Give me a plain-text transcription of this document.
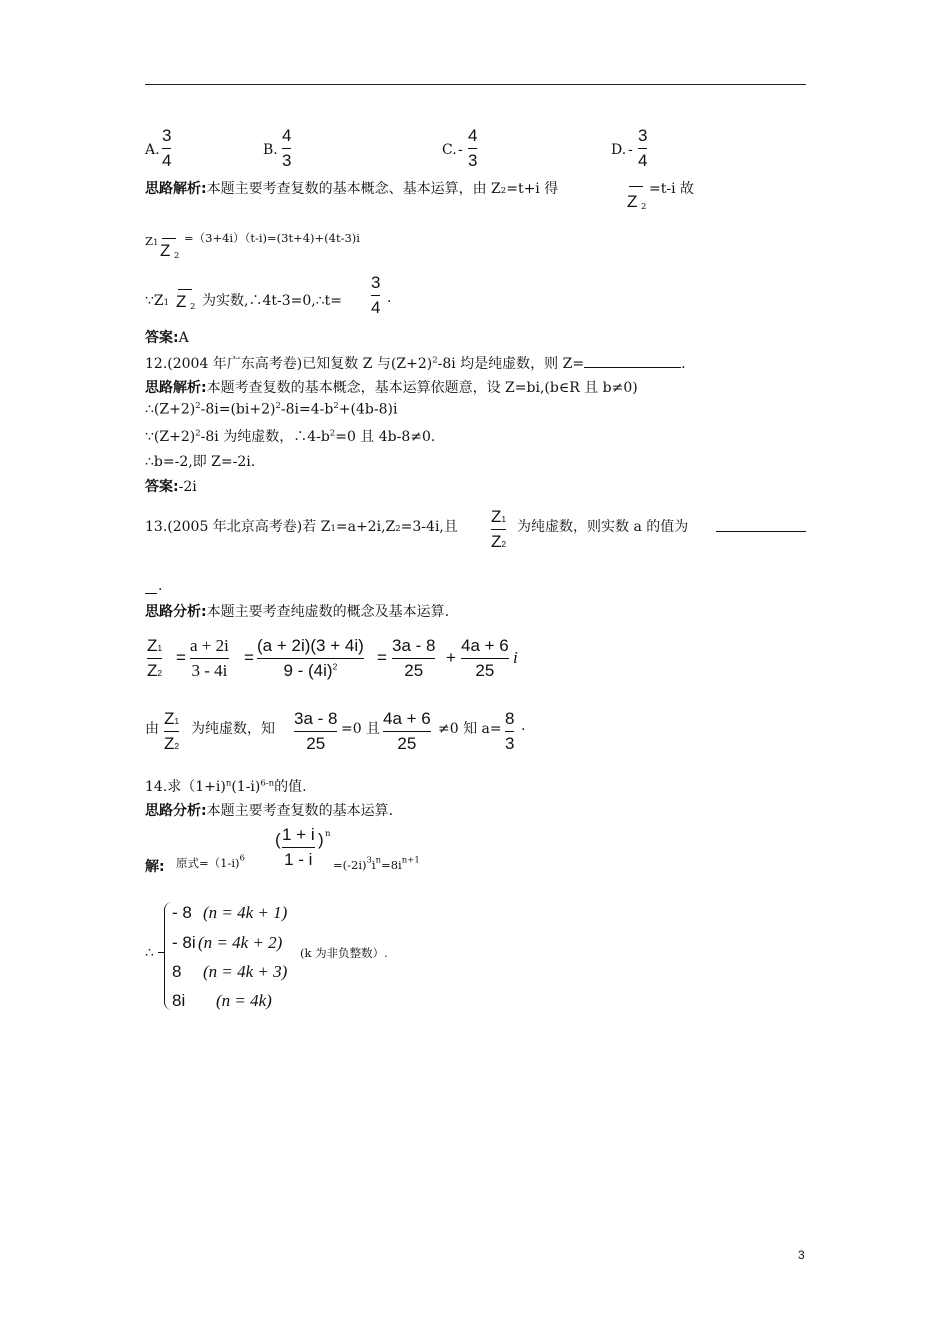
A.
3
4
B.
4
3
C. -
4
3
D. -
3
4
思路解析:本题主要考查复数的基本概念、基本运算，由 Z2=t+i 得
Z 2
=t-i 故
Z1 Z 2
=（3+4i）（t-i)=(3t+4)+(4t-3)i
∵Z1 Z 2 为实数,∴4t-3=0,∴t=
3
4 .
答案:A
12.(2004 年广东高考卷)已知复数 Z 与$(Z+2)^2-8i$ 均是纯虚数，则 Z=	.
思路解析:本题考查复数的基本概念，基本运算依题意，设 Z=bi,(b∈R 且 b≠0)
$\therefore(Z+2)^2-8i=(bi+2)^2-8i=4-b^2+(4b-8)i$
$\because(Z+2)^2-8i$ 为纯虚数，$\therefore 4-b^2=0$ 且 4b-8≠0.
∴b=-2,即 Z=-2i.
答案:-2i
13.(2005 年北京高考卷)若 Z1=a+2i,Z2=3-4i,且
Z1
Z2
为纯虚数，则实数 a 的值为
.
思路分析:本题主要考查纯虚数的概念及基本运算.
Z1
Z2
=
a + 2i
3 - 4i
=
(a + 2i)(3 + 4i)
$9 - (4i)^2$ =
3a - 8
25
+
4a + 6
25
i
由
Z1
Z2
为纯虚数，知
3a - 8
25
=0 且
4a + 6
25
≠0 知 a=
8
3
.
14.求$(1+i)^n(1-i)^{6-n}$的值.
思路分析:本题主要考查复数的基本运算.
解: 原式=（1-i)$^6$
( 1 + i
1 - i
) n
$=(-2i)^3i^n=8i^{n+1}$
∴
- 8 (n = 4k + 1)
- 8i (n = 4k + 2)
8 (n = 4k + 3)
8i (n = 4k)
(k 为非负整数）.
3
